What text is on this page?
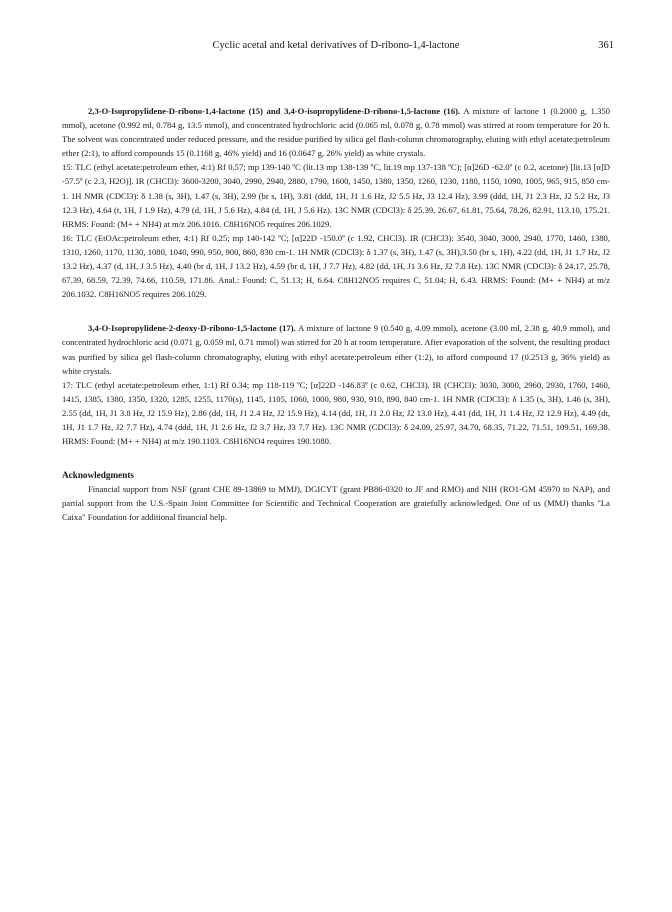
Cyclic acetal and ketal derivatives of D-ribono-1,4-lactone	361

2,3-O-Isopropylidene-D-ribono-1,4-lactone (15) and 3,4-O-isopropylidene-D-ribono-1,5-lactone (16). A mixture of lactone 1 (0.2000 g, 1.350 mmol), acetone (0.992 ml, 0.784 g, 13.5 mmol), and concentrated hydrochloric acid (0.065 ml, 0.078 g, 0.78 mmol) was stirred at room temperature for 20 h. The solvent was concentrated under reduced pressure, and the residue purified by silica gel flash-column chromatography, eluting with ethyl acetate:petroleum ether (2:1), to afford compounds 15 (0.1168 g, 46% yield) and 16 (0.0647 g, 26% yield) as white crystals.

15: TLC (ethyl acetate:petroleum ether, 4:1) Rf 0.57; mp 139-140 ºC (lit.13 mp 138-139 ºC, lit.19 mp 137-138 ºC); [α]26D -62.0º (c 0.2, acetone) [lit.13 [α]D -57.5º (c 2.3, H2O)]. IR (CHCl3): 3600-3200, 3040, 2990, 2940, 2880, 1790, 1600, 1450, 1380, 1350, 1260, 1230, 1180, 1150, 1090, 1005, 965, 915, 850 cm-1. 1H NMR (CDCl3): δ 1.38 (s, 3H), 1.47 (s, 3H), 2.99 (br s, 1H), 3.81 (ddd, 1H, J1 1.6 Hz, J2 5.5 Hz, J3 12.4 Hz), 3.99 (ddd, 1H, J1 2.3 Hz, J2 5.2 Hz, J3 12.3 Hz), 4.64 (t, 1H, J 1.9 Hz), 4.79 (d, 1H, J 5.6 Hz), 4.84 (d, 1H, J 5.6 Hz). 13C NMR (CDCl3): δ 25.39, 26.67, 61.81, 75.64, 78.26, 82.91, 113.10, 175.21. HRMS: Found: (M+ + NH4) at m/z 206.1016. C8H16NO5 requires 206.1029.

16: TLC (EtOAc:petroleum ether, 4:1) Rf 0.25; mp 140-142 ºC; [α]22D -150.0º (c 1.92, CHCl3). IR (CHCl3): 3540, 3040, 3000, 2940, 1770, 1460, 1380, 1310, 1260, 1170, 1130, 1080, 1040, 990, 950, 900, 860, 830 cm-1. 1H NMR (CDCl3): δ 1.37 (s, 3H), 1.47 (s, 3H),3.50 (br s, 1H), 4.22 (dd, 1H, J1 1.7 Hz, J2 13.2 Hz), 4.37 (d, 1H, J 3.5 Hz), 4.40 (br d, 1H, J 13.2 Hz), 4.59 (br d, 1H, J 7.7 Hz), 4.82 (dd, 1H, J1 3.6 Hz, J2 7.8 Hz). 13C NMR (CDCl3): δ 24.17, 25.78, 67.39, 68.59, 72.39, 74.66, 110.59, 171.86. Anal.: Found: C, 51.13; H, 6.64. C8H12NO5 requires C, 51.04; H, 6.43. HRMS: Found: (M+ + NH4) at m/z 206.1032. C8H16NO5 requires 206.1029.

3,4-O-Isopropylidene-2-deoxy-D-ribono-1,5-lactone (17). A mixture of lactone 9 (0.540 g, 4.09 mmol), acetone (3.00 ml, 2.38 g, 40.9 mmol), and concentrated hydrochloric acid (0.071 g, 0.059 ml, 0.71 mmol) was stirred for 20 h at room temperature. After evaporation of the solvent, the resulting product was purified by silica gel flash-column chromatography, eluting with ethyl acetate:petroleum ether (1:2), to afford compound 17 (0.2513 g, 36% yield) as white crystals.

17: TLC (ethyl acetate:petroleum ether, 1:1) Rf 0.34; mp 118-119 ºC; [α]22D -146.83º (c 0.62, CHCl3). IR (CHCl3): 3030, 3000, 2960, 2930, 1760, 1460, 1415, 1385, 1380, 1350, 1320, 1285, 1255, 1170(s), 1145, 1105, 1060, 1000, 980, 930, 910, 890, 840 cm-1. 1H NMR (CDCl3): δ 1.35 (s, 3H), 1.46 (s, 3H), 2.55 (dd, 1H, J1 3.8 Hz, J2 15.9 Hz), 2.86 (dd, 1H, J1 2.4 Hz, J2 15.9 Hz), 4.14 (dd, 1H, J1 2.0 Hz, J2 13.0 Hz), 4.41 (dd, 1H, J1 1.4 Hz, J2 12.9 Hz), 4.49 (dt, 1H, J1 1.7 Hz, J2 7.7 Hz), 4.74 (ddd, 1H, J1 2.6 Hz, J2 3.7 Hz, J3 7.7 Hz). 13C NMR (CDCl3): δ 24.09, 25.97, 34.70, 68.35, 71.22, 71.51, 109.51, 169.38. HRMS: Found: (M+ + NH4) at m/z 190.1103. C8H16NO4 requires 190.1080.

Acknowledgments

Financial support from NSF (grant CHE 89-13869 to MMJ), DGICYT (grant PB86-0320 to JF and RMO) and NIH (RO1-GM 45970 to NAP), and partial support from the U.S.-Spain Joint Committee for Scientific and Technical Cooperation are gratefully acknowledged. One of us (MMJ) thanks "La Caixa" Foundation for additional financial help.
